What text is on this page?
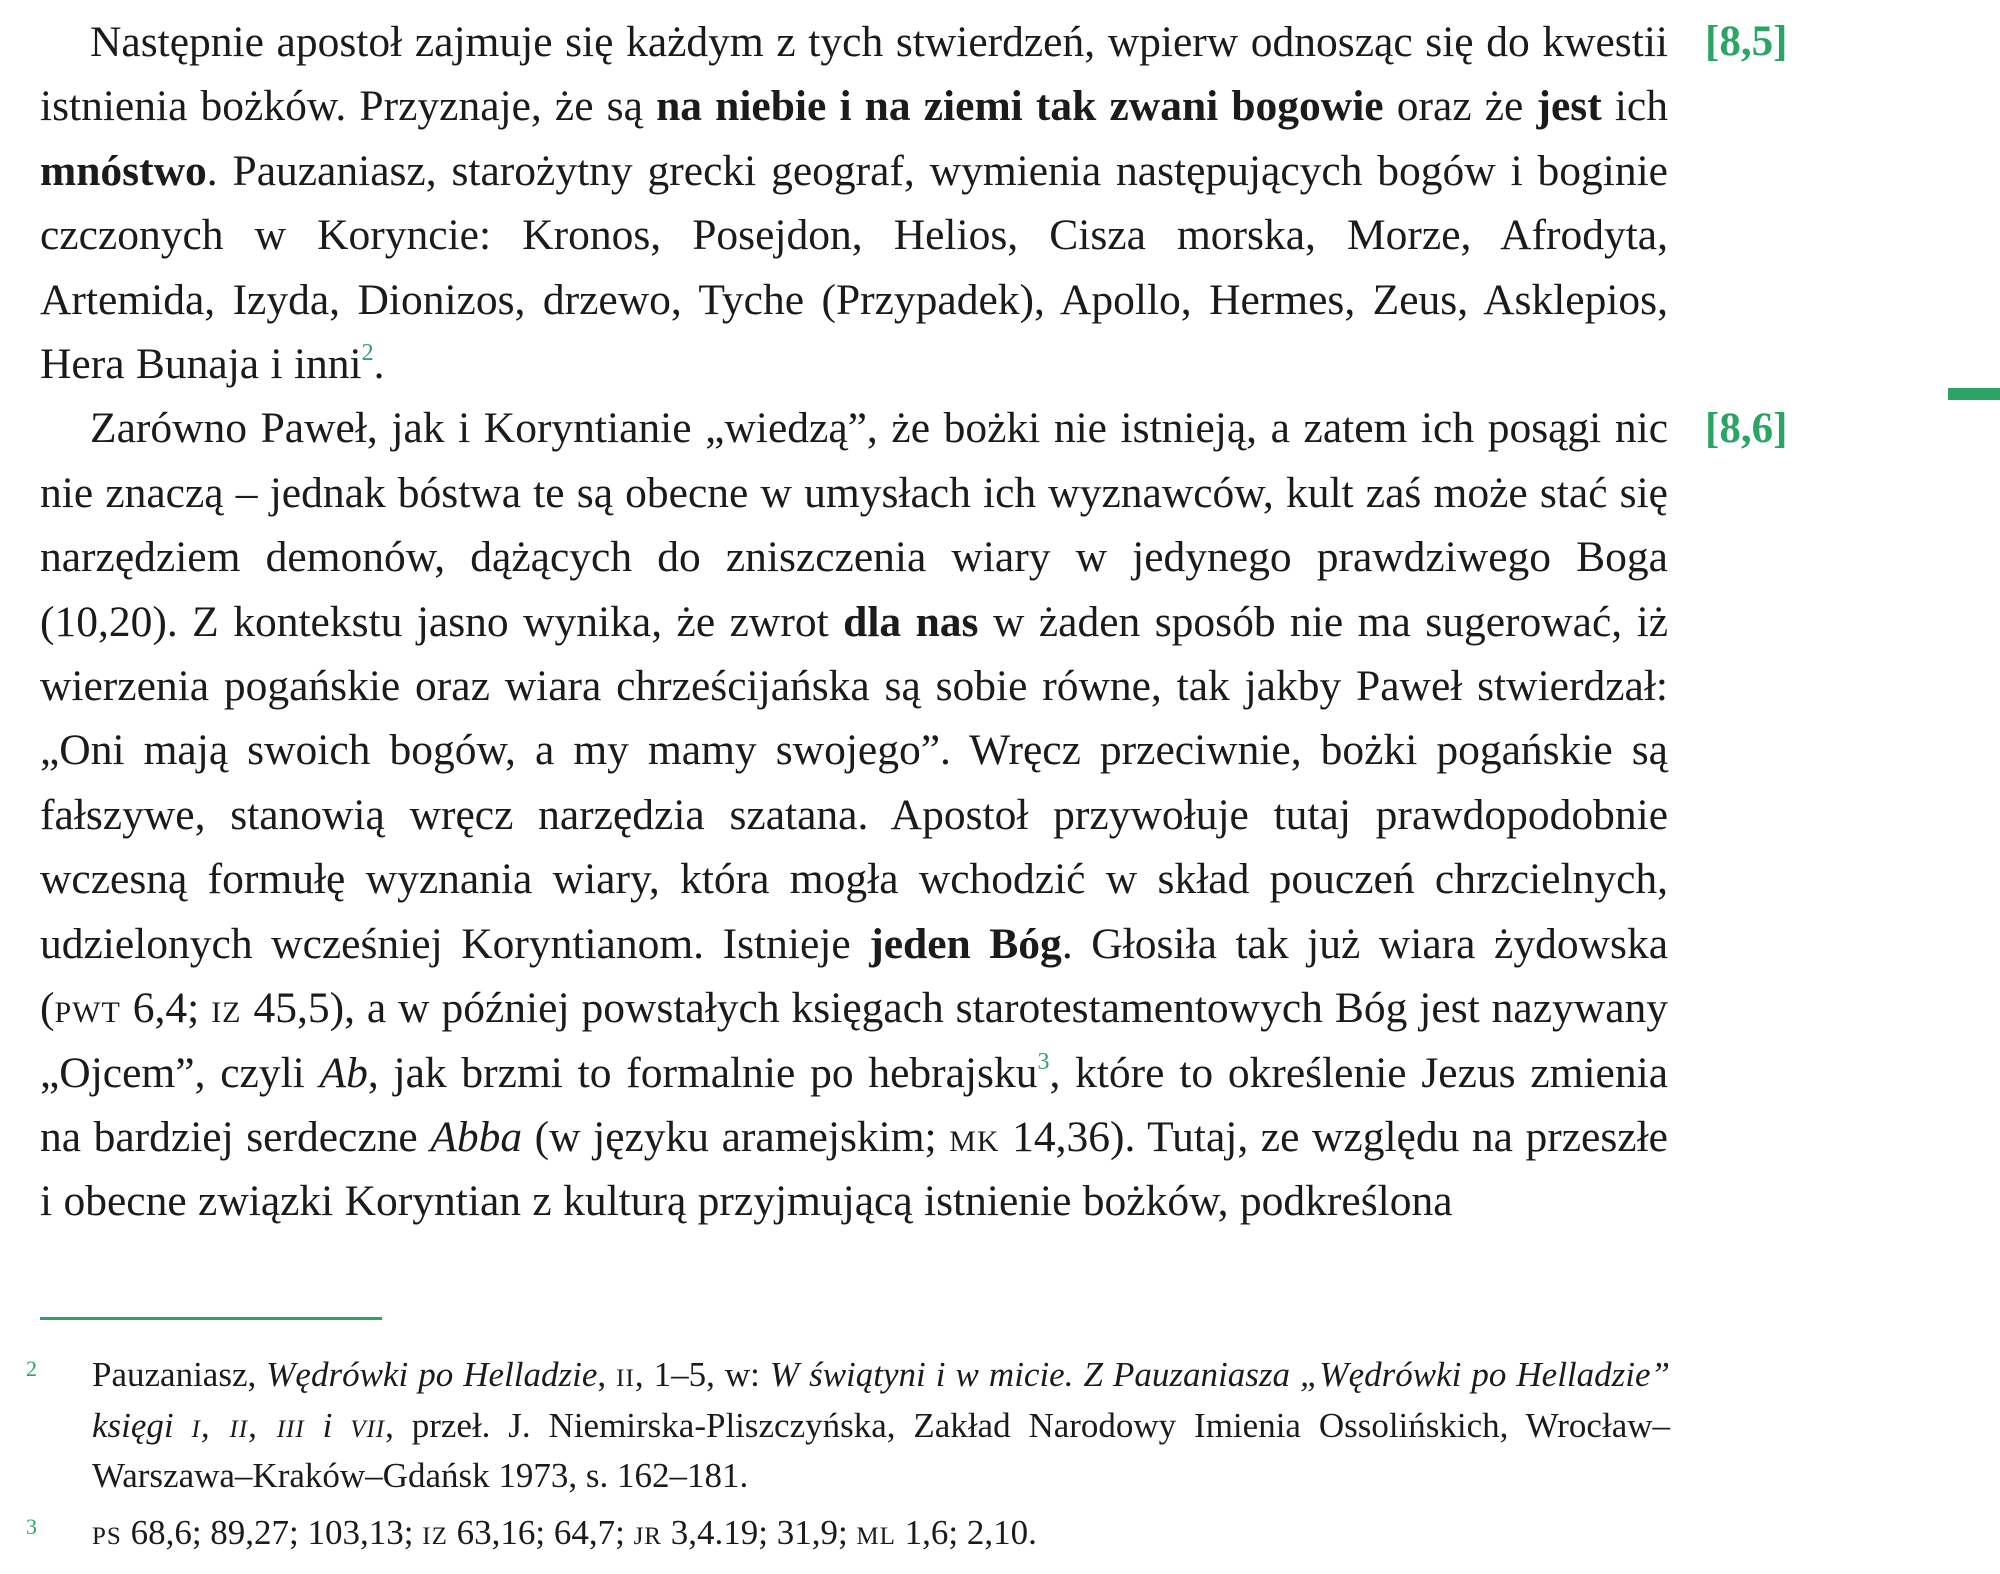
[8,5]
[8,6]

Następnie apostoł zajmuje się każdym z tych stwierdzeń, wpierw odnosząc się do kwestii istnienia bożków. Przyznaje, że są na niebie i na ziemi tak zwani bogowie oraz że jest ich mnóstwo. Pauzaniasz, starożytny grecki geograf, wymienia następujących bogów i boginie czczonych w Koryncie: Kronos, Posejdon, Helios, Cisza morska, Morze, Afrodyta, Artemida, Izyda, Dionizos, drzewo, Tyche (Przypadek), Apollo, Hermes, Zeus, Asklepios, Hera Bunaja i inni$^2$.

Zarówno Paweł, jak i Koryntianie „wiedzą”, że bożki nie istnieją, a zatem ich posągi nic nie znaczą – jednak bóstwa te są obecne w umysłach ich wyznawców, kult zaś może stać się narzędziem demonów, dążących do zniszczenia wiary w jedynego prawdziwego Boga (10,20). Z kontekstu jasno wynika, że zwrot dla nas w żaden sposób nie ma sugerować, iż wierzenia pogańskie oraz wiara chrześcijańska są sobie równe, tak jakby Paweł stwierdzał: „Oni mają swoich bogów, a my mamy swojego”. Wręcz przeciwnie, bożki pogańskie są fałszywe, stanowią wręcz narzędzia szatana. Apostoł przywołuje tutaj prawdopodobnie wczesną formułę wyznania wiary, która mogła wchodzić w skład pouczeń chrzcielnych, udzielonych wcześniej Koryntianom. Istnieje jeden Bóg. Głosiła tak już wiara żydowska (pwt 6,4; iz 45,5), a w później powstałych księgach starotestamentowych Bóg jest nazywany „Ojcem”, czyli Ab, jak brzmi to formalnie po hebrajsku$^3$, które to określenie Jezus zmienia na bardziej serdeczne Abba (w języku aramejskim; mk 14,36). Tutaj, ze względu na przeszłe i obecne związki Koryntian z kulturą przyjmującą istnienie bożków, podkreślona

2 Pauzaniasz, Wędrówki po Helladzie, ii, 1–5, w: W świątyni i w micie. Z Pauzaniasza „Wędrówki po Helladzie” księgi i, ii, iii i vii, przeł. J. Niemirska-Pliszczyńska, Zakład Narodowy Imienia Ossolińskich, Wrocław–Warszawa–Kraków–Gdańsk 1973, s. 162–181.
3 ps 68,6; 89,27; 103,13; iz 63,16; 64,7; jr 3,4.19; 31,9; ml 1,6; 2,10.
